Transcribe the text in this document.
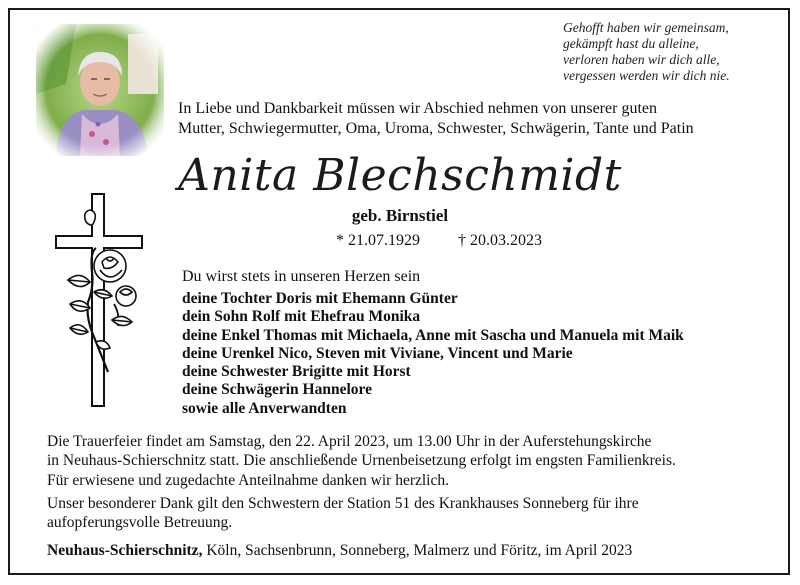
Gehofft haben wir gemeinsam,
gekämpft hast du alleine,
verloren haben wir dich alle,
vergessen werden wir dich nie.
In Liebe und Dankbarkeit müssen wir Abschied nehmen von unserer guten
Mutter, Schwiegermutter, Oma, Uroma, Schwester, Schwägerin, Tante und Patin
Anita Blechschmidt
geb. Birnstiel
* 21.07.1929 † 20.03.2023
Du wirst stets in unseren Herzen sein
deine Tochter Doris mit Ehemann Günter
dein Sohn Rolf mit Ehefrau Monika
deine Enkel Thomas mit Michaela, Anne mit Sascha und Manuela mit Maik
deine Urenkel Nico, Steven mit Viviane, Vincent und Marie
deine Schwester Brigitte mit Horst
deine Schwägerin Hannelore
sowie alle Anverwandten
Die Trauerfeier findet am Samstag, den 22. April 2023, um 13.00 Uhr in der Auferstehungskirche
in Neuhaus-Schierschnitz statt. Die anschließende Urnenbeisetzung erfolgt im engsten Familienkreis.
Für erwiesene und zugedachte Anteilnahme danken wir herzlich.
Unser besonderer Dank gilt den Schwestern der Station 51 des Krankhauses Sonneberg für ihre
aufopferungsvolle Betreuung.
Neuhaus-Schierschnitz, Köln, Sachsenbrunn, Sonneberg, Malmerz und Föritz, im April 2023
